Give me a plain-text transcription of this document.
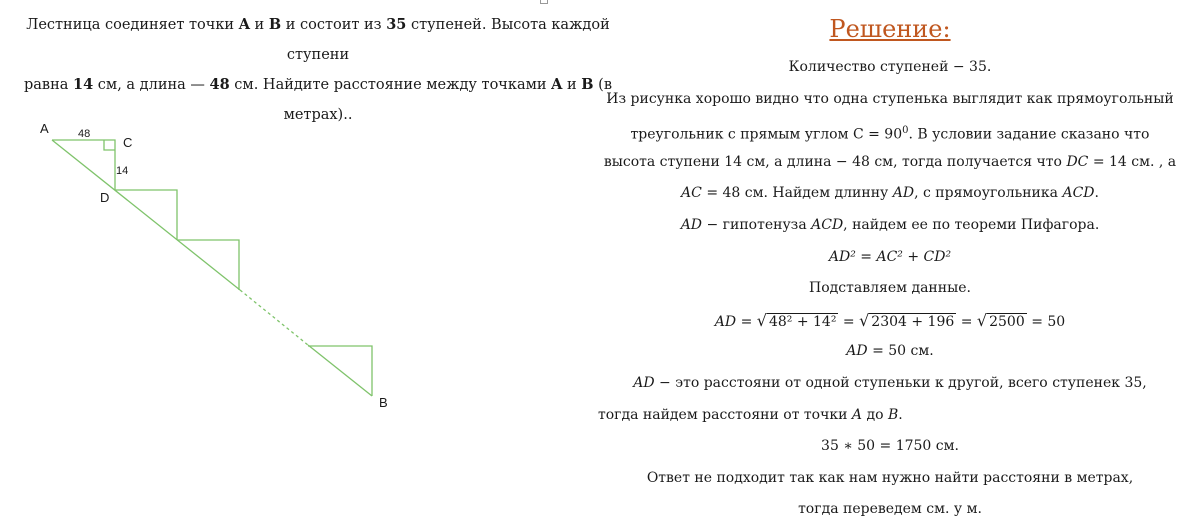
Лестница соединяет точки A и B и состоит из 35 ступеней. Высота каждой ступени
равна 14 см, а длина — 48 см. Найдите расстояние между точками A и B (в метрах)..
A	48
C
14
D
B
Решение:
Количество ступеней − 35.
Из рисунка хорошо видно что одна ступенька выглядит как прямоугольный
треугольник с прямым углом $C = 90^0$. В условии задание сказано что
высота ступени 14 см, а длина − 48 см, тогда получается что DC = 14 см. , а
AC = 48 см. Найдем длинну AD, с прямоугольника ACD.
AD − гипотенуза ACD, найдем ее по теореми Пифагора.
AD² = AC² + CD²
Подставляем данные.
AD = √ 48² + 14² = √ 2304 + 196 = √ 2500 = 50
AD = 50 см.
AD − это расстояни от одной ступеньки к другой, всего ступенек 35,
тогда найдем расстояни от точки A до B.
35 ∗ 50 = 1750 см.
Ответ не подходит так как нам нужно найти расстояни в метрах,
тогда переведем см. у м.
